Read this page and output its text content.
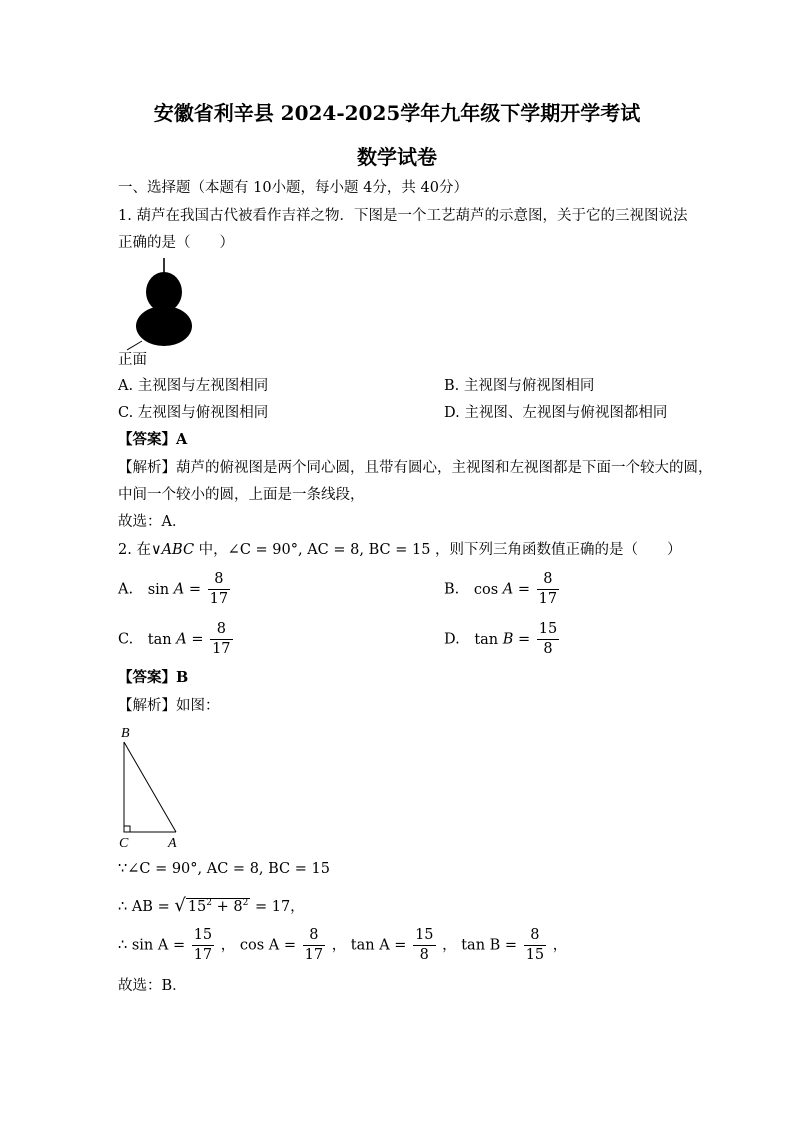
安徽省利辛县 2024-2025学年九年级下学期开学考试
数学试卷
一、选择题（本题有 10小题，每小题 4分，共 40分）
1. 葫芦在我国古代被看作吉祥之物．下图是一个工艺葫芦的示意图，关于它的三视图说法
正确的是（　　）
正面
A. 主视图与左视图相同	B. 主视图与俯视图相同
C. 左视图与俯视图相同	D. 主视图、左视图与俯视图都相同
【答案】A
【解析】葫芦的俯视图是两个同心圆，且带有圆心，主视图和左视图都是下面一个较大的圆，
中间一个较小的圆，上面是一条线段，
故选：A．
2. 在∨ABC 中，∠C = 90°, AC = 8, BC = 15 ，则下列三角函数值正确的是（　　）
A. $\sin A = \frac{8}{17}$	B. $\cos A = \frac{8}{17}$
C. $\tan A = \frac{8}{17}$	D. $\tan B = \frac{15}{8}$
【答案】B
【解析】如图：
B
C	A
∵∠C = 90°, AC = 8, BC = 15
∴ AB = √ $15^2 + 8^2 = 17$，
∴ $\sin A = \frac{15}{17}$ ， $\cos A = \frac{8}{17}$ ， $\tan A = \frac{15}{8}$ ， $\tan B = \frac{8}{15}$ ，
故选：B．
